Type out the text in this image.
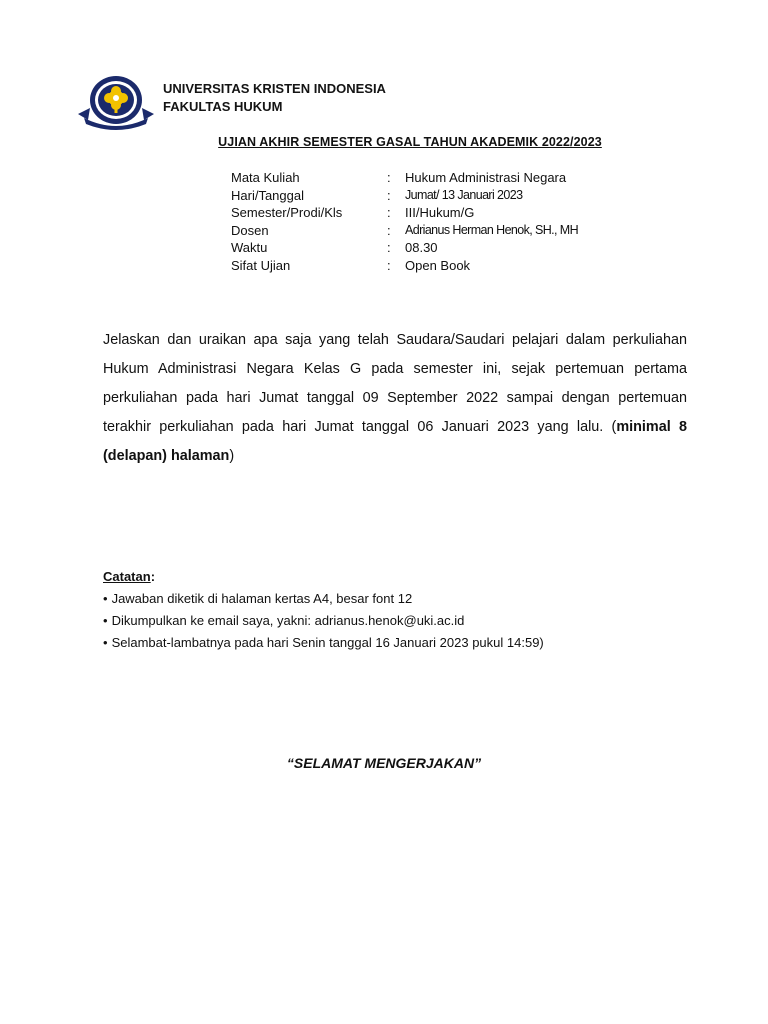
UNIVERSITAS KRISTEN INDONESIA
FAKULTAS HUKUM
UJIAN AKHIR SEMESTER GASAL TAHUN AKADEMIK 2022/2023
Mata Kuliah	:	Hukum Administrasi Negara
Hari/Tanggal	:	Jumat/ 13 Januari 2023
Semester/Prodi/Kls	:	III/Hukum/G
Dosen	:	Adrianus Herman Henok, SH., MH
Waktu	:	08.30
Sifat Ujian	:	Open Book
Jelaskan dan uraikan apa saja yang telah Saudara/Saudari pelajari dalam perkuliahan Hukum Administrasi Negara Kelas G pada semester ini, sejak pertemuan pertama perkuliahan pada hari Jumat tanggal 09 September 2022 sampai dengan pertemuan terakhir perkuliahan pada hari Jumat tanggal 06 Januari 2023 yang lalu. (minimal 8 (delapan) halaman)
Catatan:
• Jawaban diketik di halaman kertas A4, besar font 12
• Dikumpulkan ke email saya, yakni: adrianus.henok@uki.ac.id
• Selambat-lambatnya pada hari Senin tanggal 16 Januari 2023 pukul 14:59)
“SELAMAT MENGERJAKAN”
